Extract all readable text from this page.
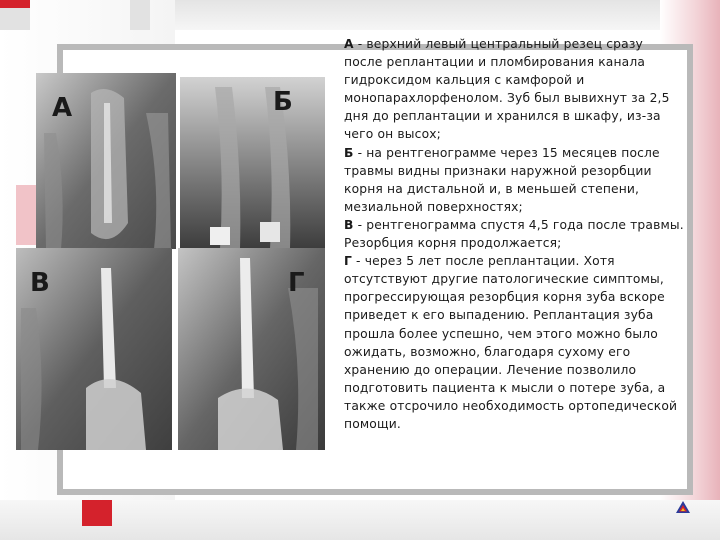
А	Б
В	Г
А - верхний левый центральный резец сразу после реплантации и пломбирования канала гидроксидом кальция с камфорой и монопарахлорфенолом. Зуб был вывихнут за 2,5 дня до реплантации и хранился в шкафу, из-за чего он высох;
Б - на рентгенограмме через 15 месяцев после травмы видны признаки наружной резорбции корня на дистальной и, в меньшей степени, мезиальной поверхностях;
В - рентгенограмма спустя 4,5 года после травмы. Резорбция корня продолжается;
Г - через 5 лет после реплантации. Хотя отсутствуют другие патологические симптомы, прогрессирующая резорбция корня зуба вскоре приведет к его выпадению. Реплантация зуба прошла более успешно, чем этого можно было ожидать, возможно, благодаря сухому его хранению до операции. Лечение позволило подготовить пациента к мысли о потере зуба, а также отсрочило необходимость ортопедической помощи.
